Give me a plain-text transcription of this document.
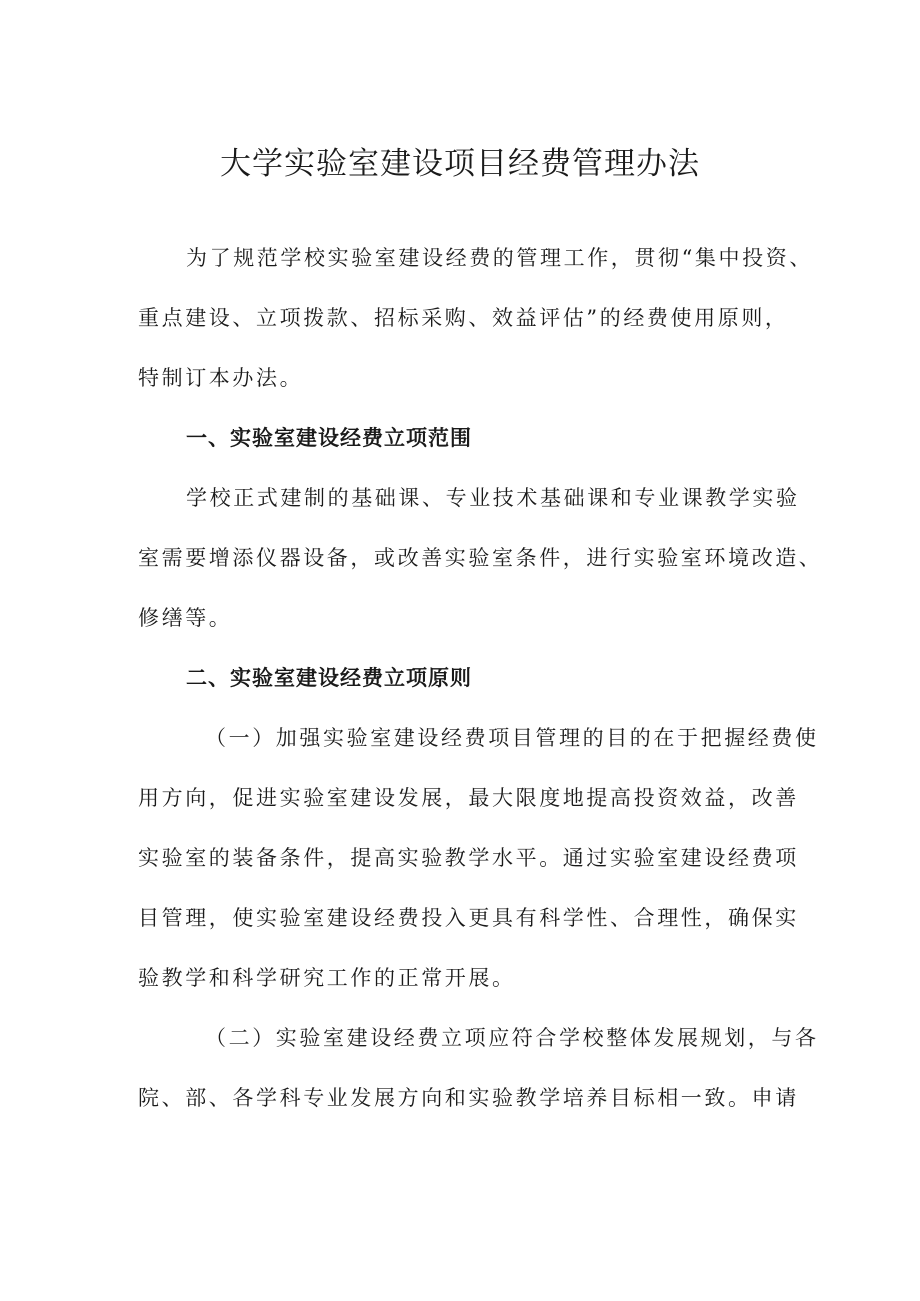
大学实验室建设项目经费管理办法

为了规范学校实验室建设经费的管理工作，贯彻“集中投资、

重点建设、立项拨款、招标采购、效益评估”的经费使用原则，

特制订本办法。

一、实验室建设经费立项范围

学校正式建制的基础课、专业技术基础课和专业课教学实验

室需要增添仪器设备，或改善实验室条件，进行实验室环境改造、

修缮等。

二、实验室建设经费立项原则

（一）加强实验室建设经费项目管理的目的在于把握经费使

用方向，促进实验室建设发展，最大限度地提高投资效益，改善

实验室的装备条件，提高实验教学水平。通过实验室建设经费项

目管理，使实验室建设经费投入更具有科学性、合理性，确保实

验教学和科学研究工作的正常开展。

（二）实验室建设经费立项应符合学校整体发展规划，与各

院、部、各学科专业发展方向和实验教学培养目标相一致。申请
